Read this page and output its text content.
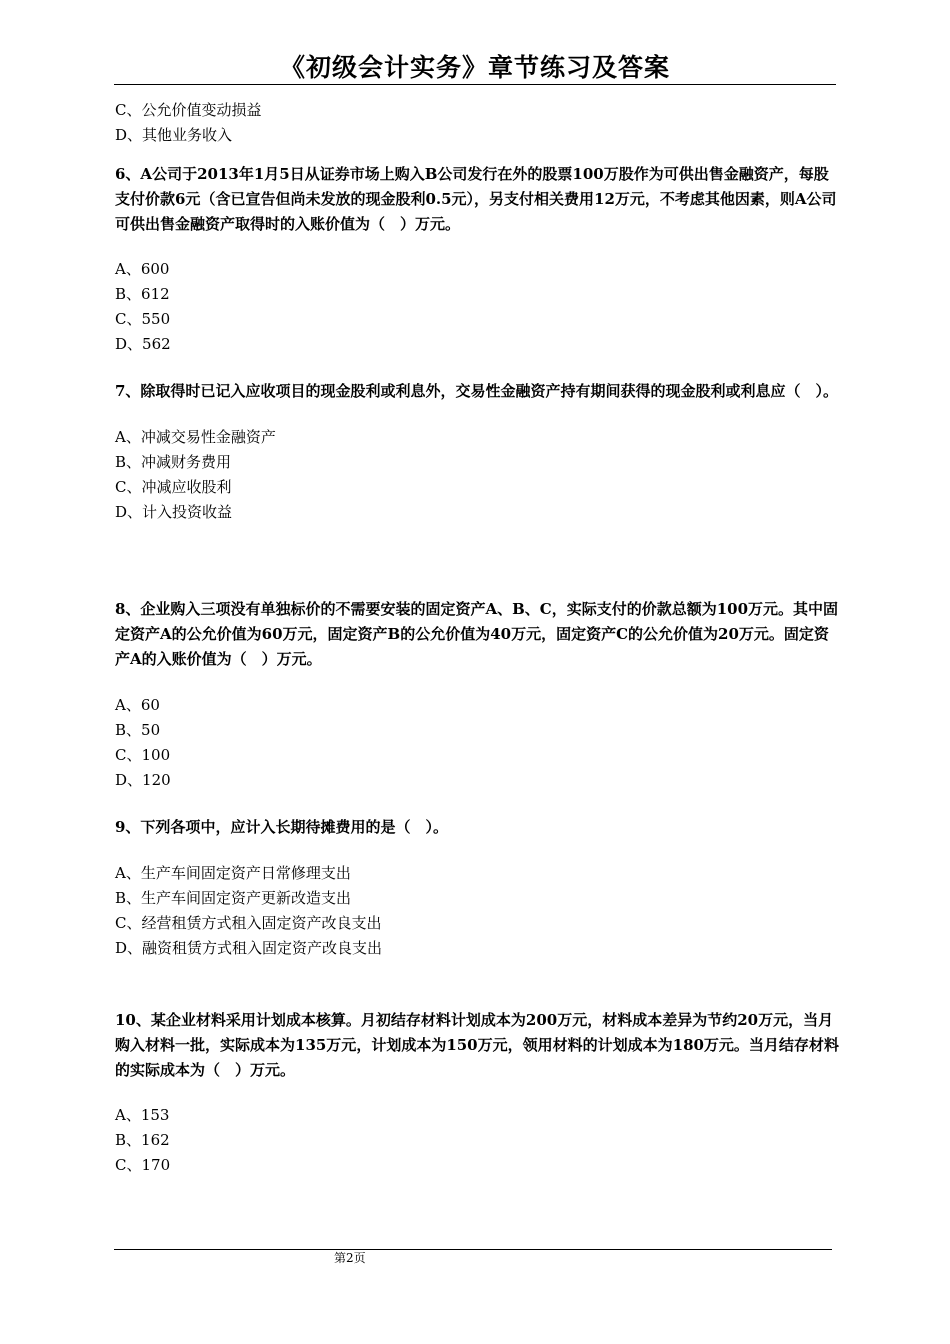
《初级会计实务》章节练习及答案
C、公允价值变动损益
D、其他业务收入

6、A公司于2013年1月5日从证券市场上购入B公司发行在外的股票100万股作为可供出售金融资产，每股支付价款6元（含已宣告但尚未发放的现金股利0.5元），另支付相关费用12万元，不考虑其他因素，则A公司可供出售金融资产取得时的入账价值为（　）万元。

A、600
B、612
C、550
D、562

7、除取得时已记入应收项目的现金股利或利息外，交易性金融资产持有期间获得的现金股利或利息应（　）。

A、冲减交易性金融资产
B、冲减财务费用
C、冲减应收股利
D、计入投资收益

8、企业购入三项没有单独标价的不需要安装的固定资产A、B、C，实际支付的价款总额为100万元。其中固定资产A的公允价值为60万元，固定资产B的公允价值为40万元，固定资产C的公允价值为20万元。固定资产A的入账价值为（　）万元。

A、60
B、50
C、100
D、120

9、下列各项中，应计入长期待摊费用的是（　）。

A、生产车间固定资产日常修理支出
B、生产车间固定资产更新改造支出
C、经营租赁方式租入固定资产改良支出
D、融资租赁方式租入固定资产改良支出

10、某企业材料采用计划成本核算。月初结存材料计划成本为200万元，材料成本差异为节约20万元，当月购入材料一批，实际成本为135万元，计划成本为150万元，领用材料的计划成本为180万元。当月结存材料的实际成本为（　）万元。

A、153
B、162
C、170
第2页
